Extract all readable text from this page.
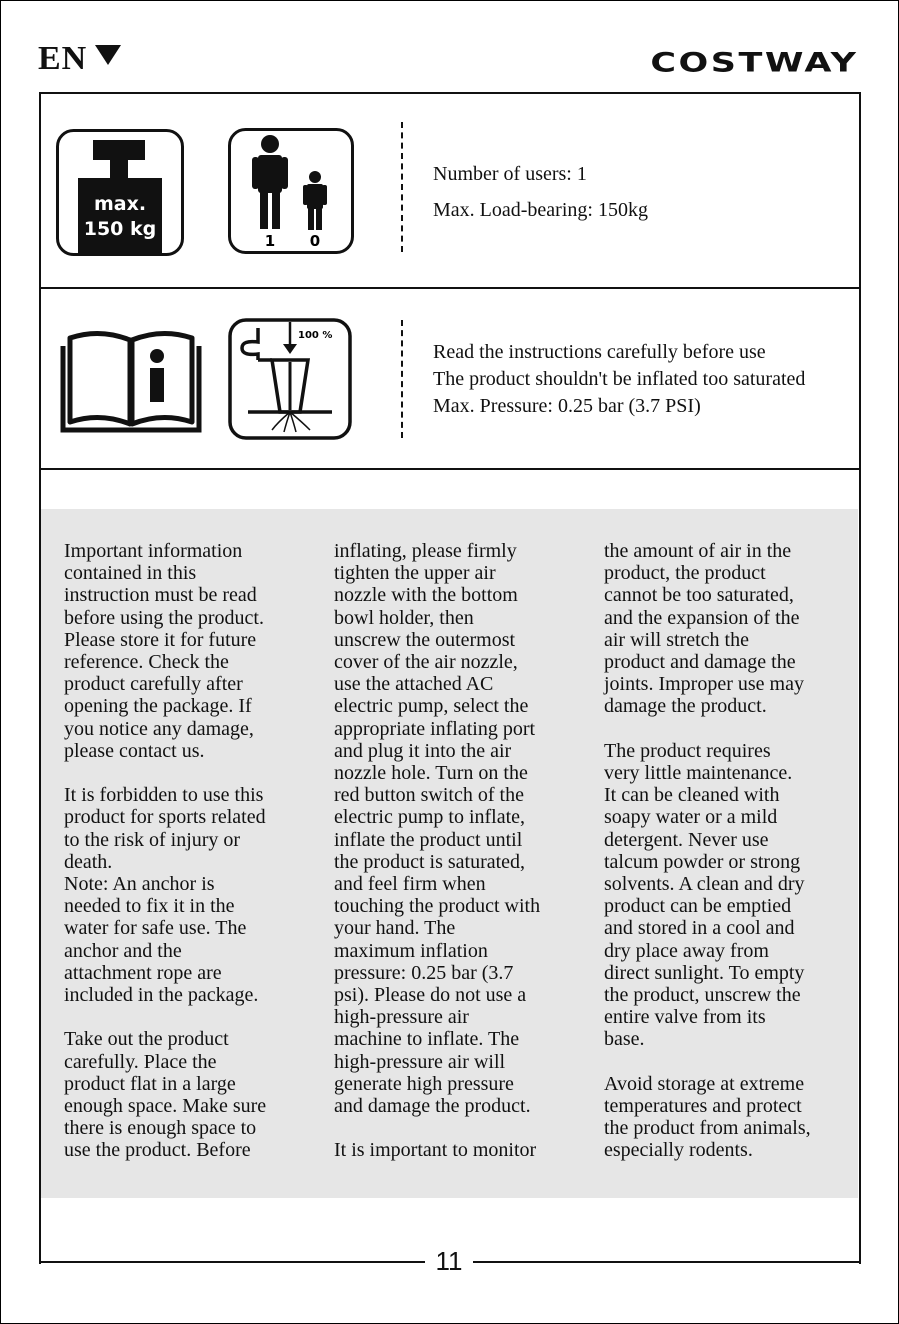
EN	COSTWAY
11
max.
150 kg
1 0
Number of users: 1
Max. Load-bearing: 150kg
100 %
Read the instructions carefully before use
The product shouldn't be inflated too saturated
Max. Pressure: 0.25 bar (3.7 PSI)
Important information
contained in this
instruction must be read
before using the product.
Please store it for future
reference. Check the
product carefully after
opening the package. If
you notice any damage,
please contact us.

It is forbidden to use this
product for sports related
to the risk of injury or
death.
Note: An anchor is
needed to fix it in the
water for safe use. The
anchor and the
attachment rope are
included in the package.

Take out the product
carefully. Place the
product flat in a large
enough space. Make sure
there is enough space to
use the product. Before
inflating, please firmly
tighten the upper air
nozzle with the bottom
bowl holder, then
unscrew the outermost
cover of the air nozzle,
use the attached AC
electric pump, select the
appropriate inflating port
and plug it into the air
nozzle hole. Turn on the
red button switch of the
electric pump to inflate,
inflate the product until
the product is saturated,
and feel firm when
touching the product with
your hand. The
maximum inflation
pressure: 0.25 bar (3.7
psi). Please do not use a
high-pressure air
machine to inflate. The
high-pressure air will
generate high pressure
and damage the product.

It is important to monitor
the amount of air in the
product, the product
cannot be too saturated,
and the expansion of the
air will stretch the
product and damage the
joints. Improper use may
damage the product.

The product requires
very little maintenance.
It can be cleaned with
soapy water or a mild
detergent. Never use
talcum powder or strong
solvents. A clean and dry
product can be emptied
and stored in a cool and
dry place away from
direct sunlight. To empty
the product, unscrew the
entire valve from its
base.

Avoid storage at extreme
temperatures and protect
the product from animals,
especially rodents.
